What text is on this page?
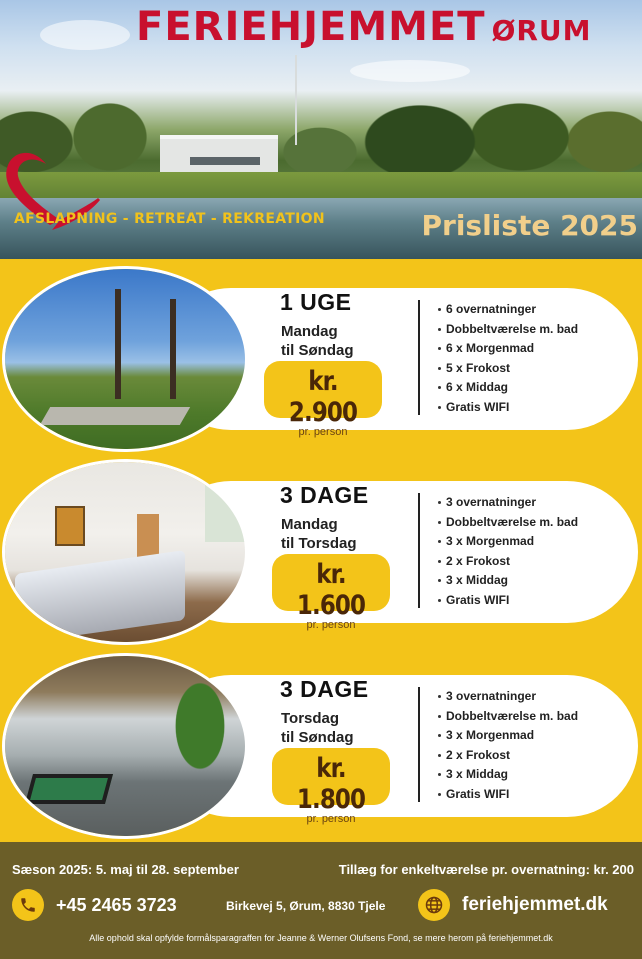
FERIEHJEMMET ØRUM
AFSLAPNING - RETREAT - REKREATION	Prisliste 2025
1 UGE
Mandag
til Søndag
kr. 2.900
pr. person
6 overnatninger
Dobbeltværelse m. bad
6 x Morgenmad
5 x Frokost
6 x Middag
Gratis WIFI
3 DAGE
Mandag
til Torsdag
kr. 1.600
pr. person
3 overnatninger
Dobbeltværelse m. bad
3 x Morgenmad
2 x Frokost
3 x Middag
Gratis WIFI
3 DAGE
Torsdag
til Søndag
kr. 1.800
pr. person
3 overnatninger
Dobbeltværelse m. bad
3 x Morgenmad
2 x Frokost
3 x Middag
Gratis WIFI
Sæson 2025: 5. maj til 28. september	Tillæg for enkeltværelse pr. overnatning: kr. 200
+45 2465 3723	Birkevej 5, Ørum, 8830 Tjele	feriehjemmet.dk
Alle ophold skal opfylde formålsparagraffen for Jeanne & Werner Olufsens Fond, se mere herom på feriehjemmet.dk
